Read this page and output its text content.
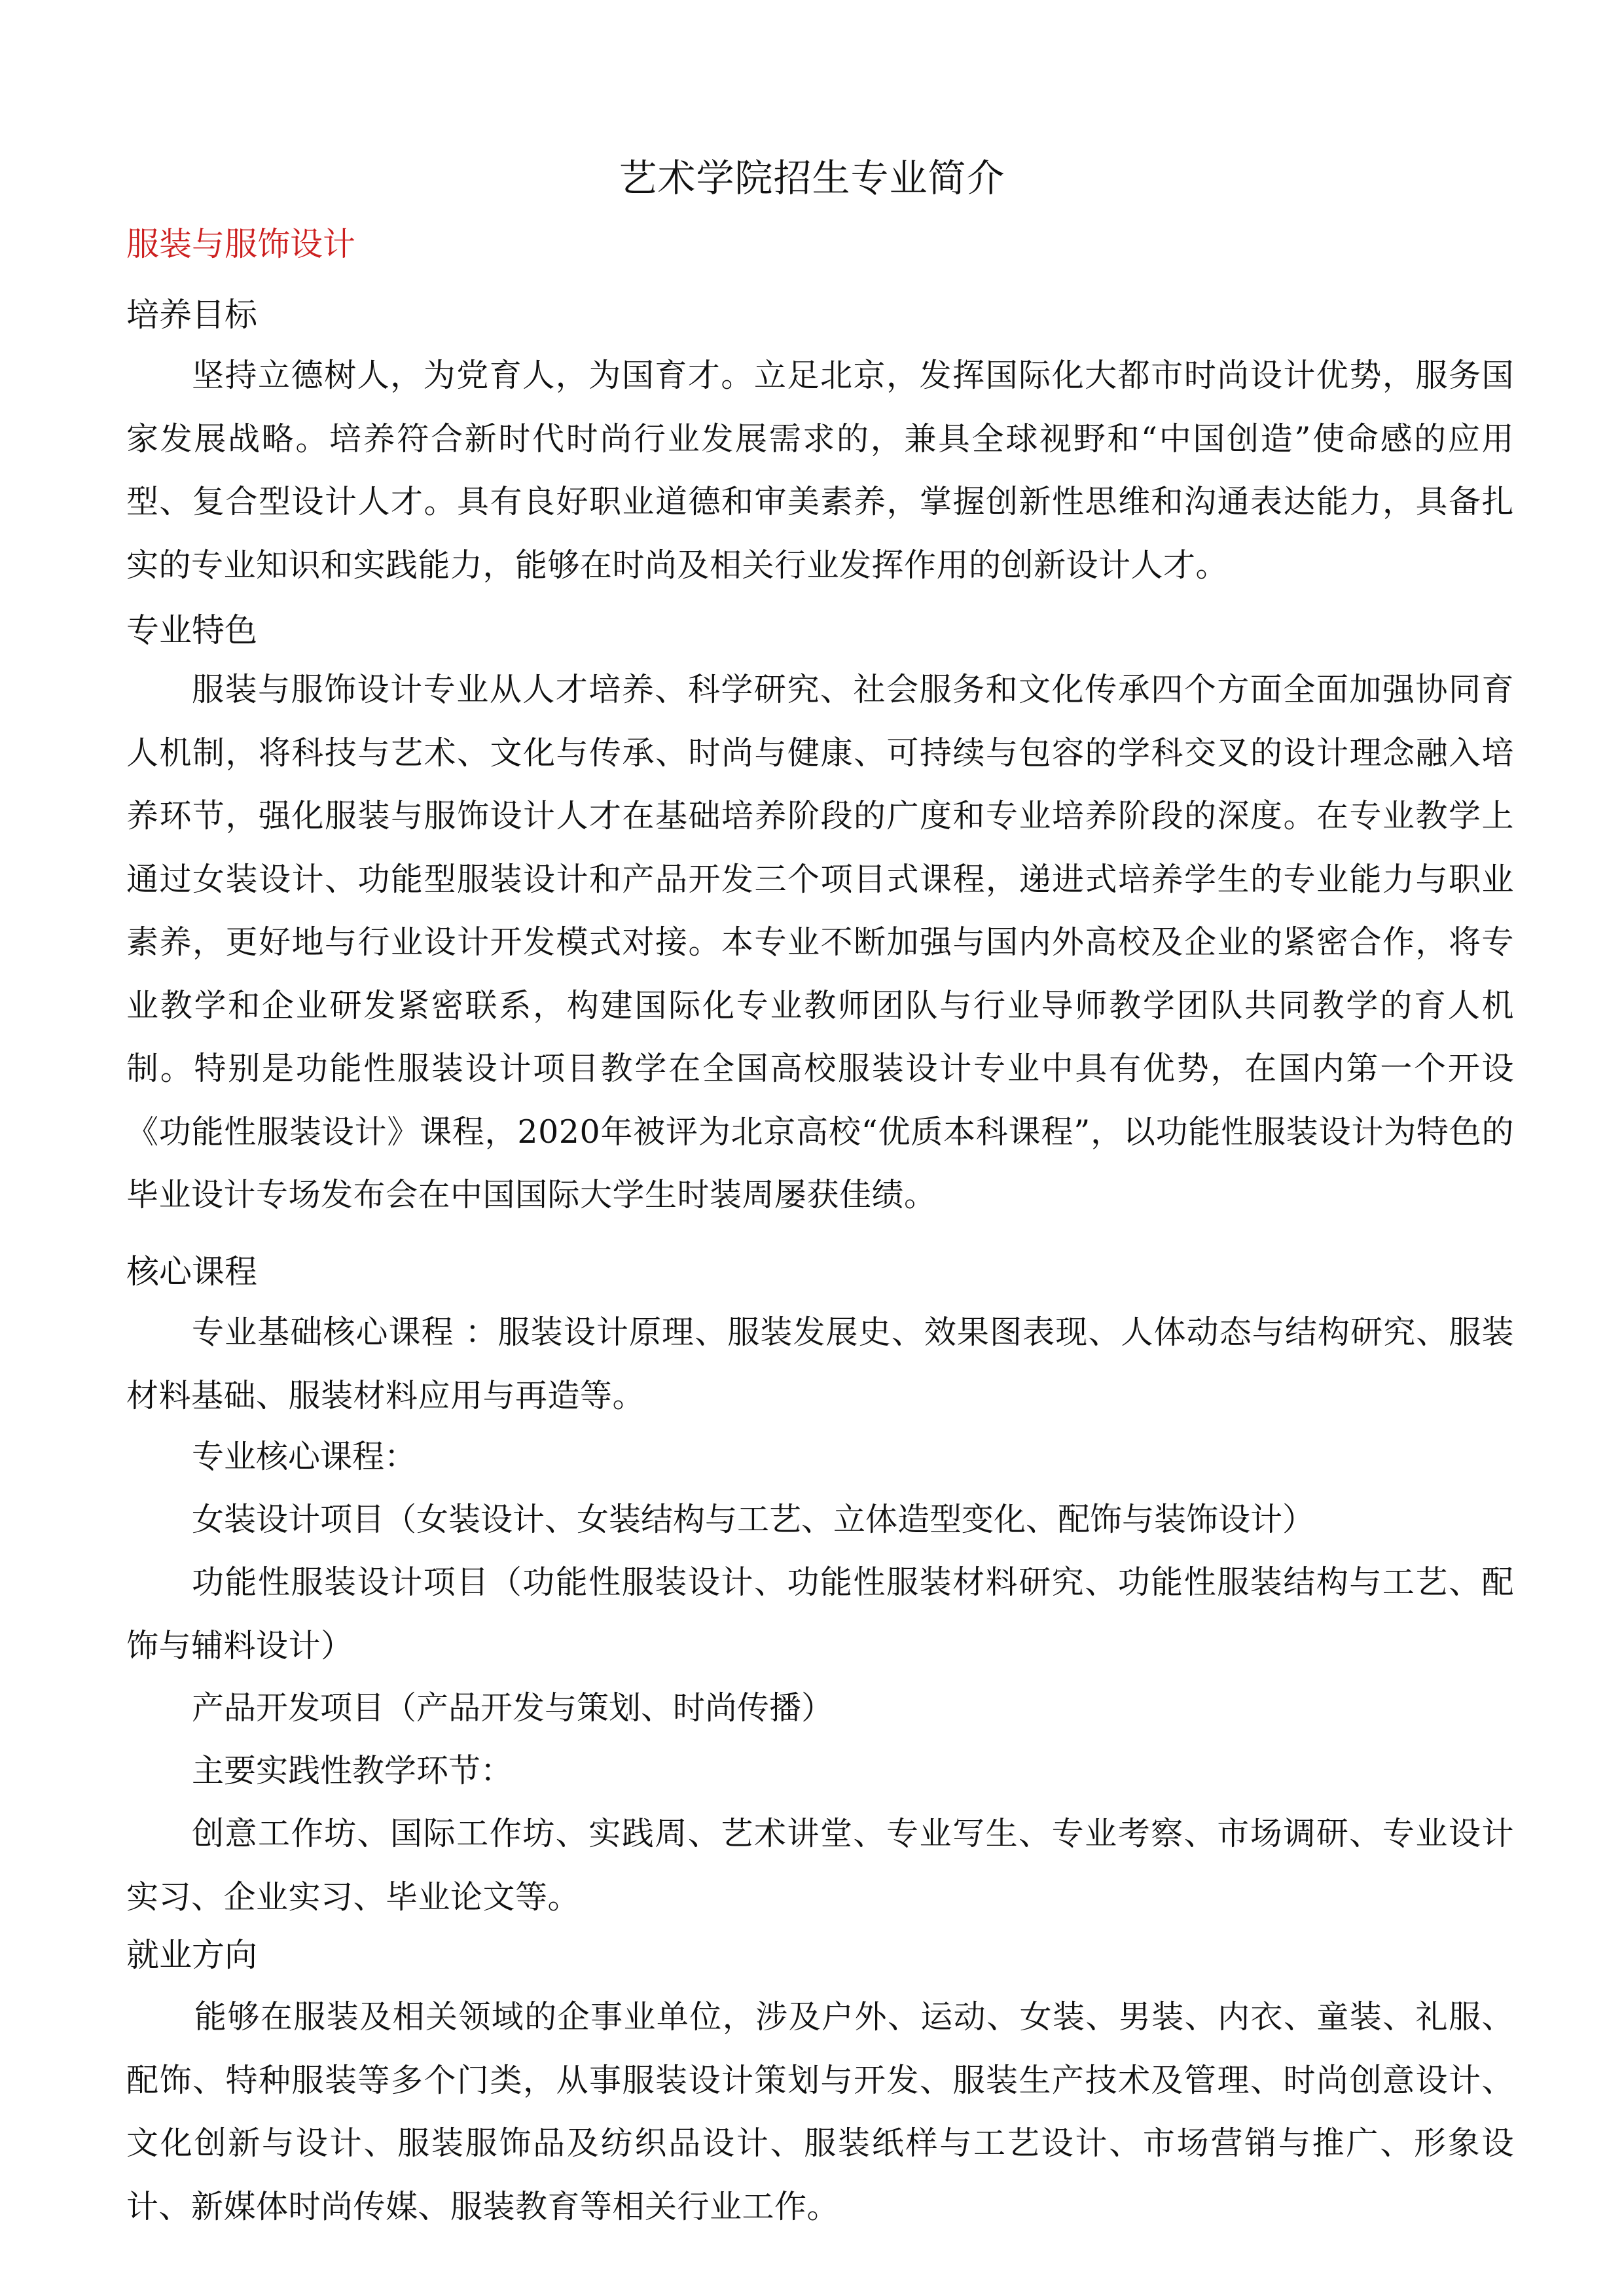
艺术学院招生专业简介
服装与服饰设计
培养目标

坚持立德树人，为党育人，为国育才。立足北京，发挥国际化大都市时尚设计优势，服务国家发展战略。培养符合新时代时尚行业发展需求的，兼具全球视野和“中国创造”使命感的应用型、复合型设计人才。具有良好职业道德和审美素养，掌握创新性思维和沟通表达能力，具备扎实的专业知识和实践能力，能够在时尚及相关行业发挥作用的创新设计人才。

专业特色

服装与服饰设计专业从人才培养、科学研究、社会服务和文化传承四个方面全面加强协同育人机制，将科技与艺术、文化与传承、时尚与健康、可持续与包容的学科交叉的设计理念融入培养环节，强化服装与服饰设计人才在基础培养阶段的广度和专业培养阶段的深度。在专业教学上通过女装设计、功能型服装设计和产品开发三个项目式课程，递进式培养学生的专业能力与职业素养，更好地与行业设计开发模式对接。本专业不断加强与国内外高校及企业的紧密合作，将专业教学和企业研发紧密联系，构建国际化专业教师团队与行业导师教学团队共同教学的育人机制。特别是功能性服装设计项目教学在全国高校服装设计专业中具有优势，在国内第一个开设《功能性服装设计》课程，2020年被评为北京高校“优质本科课程”，以功能性服装设计为特色的毕业设计专场发布会在中国国际大学生时装周屡获佳绩。

核心课程

专业基础核心课程 ：服装设计原理、服装发展史、效果图表现、人体动态与结构研究、服装材料基础、服装材料应用与再造等。

专业核心课程：

女装设计项目（女装设计、女装结构与工艺、立体造型变化、配饰与装饰设计）

功能性服装设计项目（功能性服装设计、功能性服装材料研究、功能性服装结构与工艺、配饰与辅料设计）

产品开发项目（产品开发与策划、时尚传播）

主要实践性教学环节：

创意工作坊、国际工作坊、实践周、艺术讲堂、专业写生、专业考察、市场调研、专业设计实习、企业实习、毕业论文等。

就业方向

能够在服装及相关领域的企事业单位，涉及户外、运动、女装、男装、内衣、童装、礼服、配饰、特种服装等多个门类，从事服装设计策划与开发、服装生产技术及管理、时尚创意设计、文化创新与设计、服装服饰品及纺织品设计、服装纸样与工艺设计、市场营销与推广、形象设计、新媒体时尚传媒、服装教育等相关行业工作。
